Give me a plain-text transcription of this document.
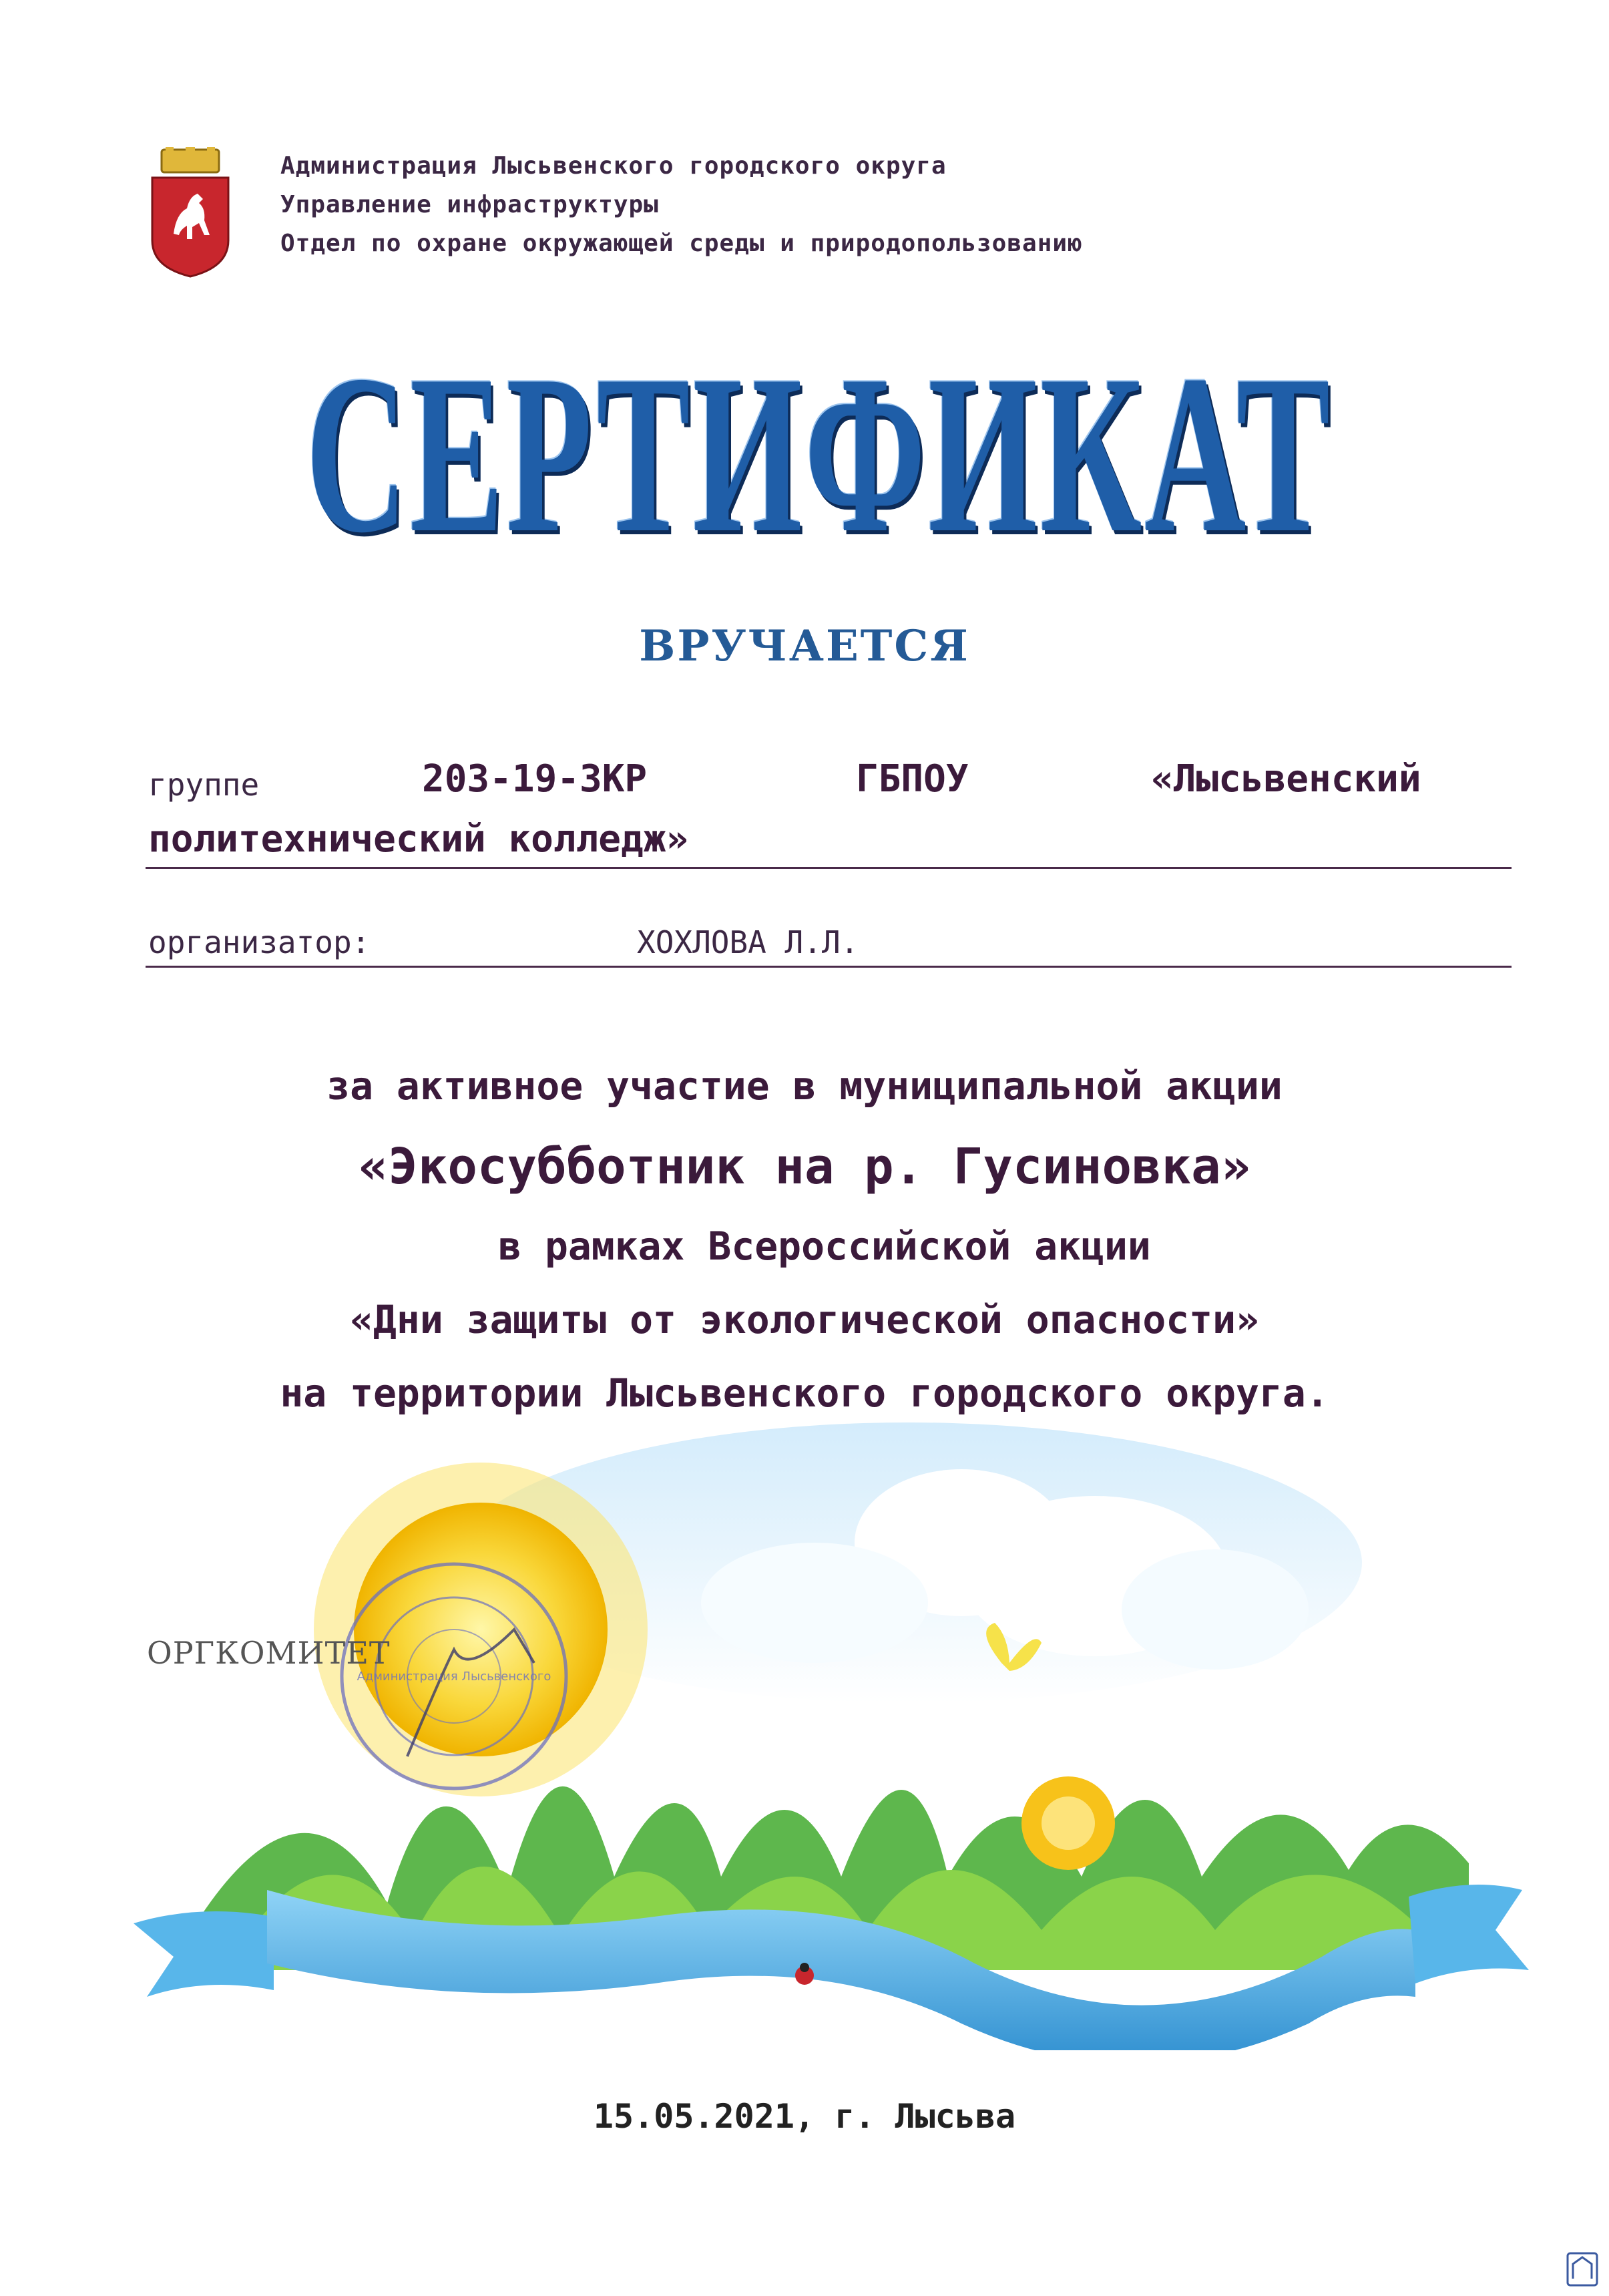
Администрация Лысьвенского городского округа
Управление инфраструктуры
Отдел по охране окружающей среды и природопользованию
СЕРТИФИКАТ
ВРУЧАЕТСЯ
группе	203-19-ЗКР	ГБПОУ	«Лысьвенский
политехнический колледж»
организатор:	ХОХЛОВА Л.Л.
за активное участие в муниципальной акции
«Экосубботник на р. Гусиновка»
в рамках Всероссийской акции
«Дни защиты от экологической опасности»
на территории Лысьвенского городского округа.
Администрация Лысьвенского
ОРГКОМИТЕТ
15.05.2021, г. Лысьва
